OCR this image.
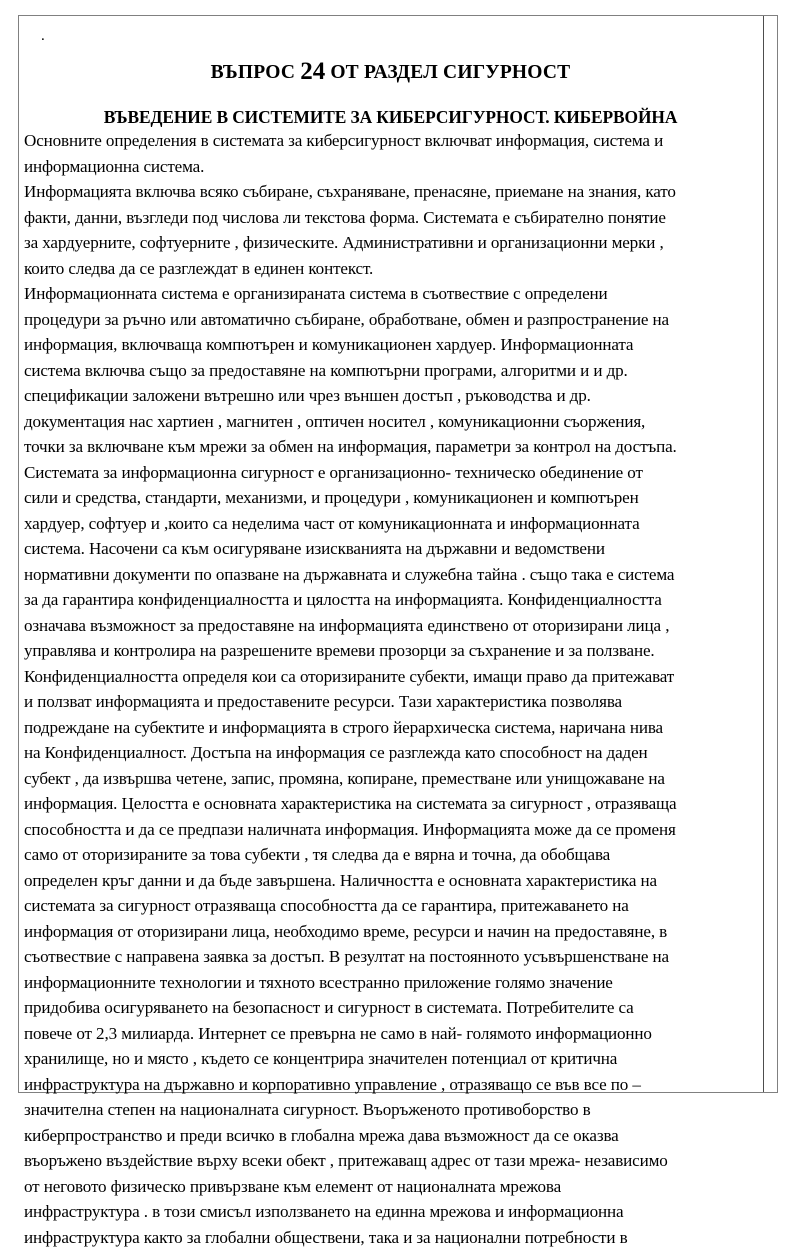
.
ВЪПРОС 24 ОТ РАЗДЕЛ СИГУРНОСТ
ВЪВЕДЕНИЕ В СИСТЕМИТЕ ЗА КИБЕРСИГУРНОСТ. КИБЕРВОЙНА
Основните определения в системата за киберсигурност включват информация, система и
информационна система.
Информацията включва всяко събиране, съхраняване, пренасяне, приемане на знания, като
факти, данни, възгледи под числова ли текстова форма. Системата е събирателно понятие
за хардуерните, софтуерните , физическите. Административни и организационни мерки ,
които следва да се разглеждат в единен контекст.
Информационната система е организираната система в съотвествие с определени
процедури за ръчно или автоматично събиране, обработване, обмен и разпространение на
информация, включваща компютърен и комуникационен хардуер. Информационната
система включва също за предоставяне на компютърни програми, алгоритми и и др.
спецификации заложени вътрешно или чрез външен достъп , ръководства и др.
документация нас хартиен , магнитен , оптичен носител , комуникационни съоржения,
точки за включване към мрежи за обмен на информация, параметри за контрол на достъпа.
Системата за информационна сигурност е организационно- техническо обединение от
сили и средства, стандарти, механизми, и процедури , комуникационен и компютърен
хардуер, софтуер и ,които са неделима част от комуникационната и информационната
система. Насочени са към осигуряване изискванията на държавни и ведомствени
нормативни документи по опазване на държавната и служебна тайна . също така е система
за да гарантира конфиденциалността и цялостта на информацията. Конфиденциалността
означава възможност за предоставяне на информацията единствено от оторизирани лица ,
управлява и контролира на разрешените времеви прозорци за съхранение и за ползване.
Конфиденциалността определя кои са оторизираните субекти, имащи право да притежават
и ползват информацията и предоставените ресурси. Тази характеристика позволява
подреждане на субектите и информацията в строго йерархическа система, наричана нива
на Конфиденциалност. Достъпа на информация се разглежда като способност на даден
субект , да извършва четене, запис, промяна, копиране, преместване или унищожаване на
информация. Целостта е основната характеристика на системата за сигурност , отразяваща
способността и да се предпази наличната информация. Информацията може да се променя
само от оторизираните за това субекти , тя следва да е вярна и точна, да обобщава
определен кръг данни и да бъде завършена. Наличността е основната характеристика на
системата за сигурност отразяваща способността да се гарантира, притежаването на
информация от оторизирани лица, необходимо време, ресурси и начин на предоставяне, в
съотвествие с направена заявка за достъп. В резултат на постоянното усъвършенстване на
информационните технологии и тяхното всестранно приложение голямо значение
придобива осигуряването на безопасност и сигурност в системата. Потребителите са
повече от 2,3 милиарда. Интернет се превърна не само в най- голямото информационно
хранилище, но и място , където се концентрира значителен потенциал от критична
инфраструктура на държавно и корпоративно управление , отразяващо се във все по –
значителна степен на националната сигурност. Въоръженото противоборство в
киберпространство и преди всичко в глобална мрежа дава възможност да се оказва
въоръжено въздействие върху всеки обект , притежаващ адрес от тази мрежа- независимо
от неговото физическо привързване към елемент от националната мрежова
инфраструктура . в този смисъл използването на единна мрежова и информационна
инфраструктура както за глобални обществени, така и за национални потребности в
